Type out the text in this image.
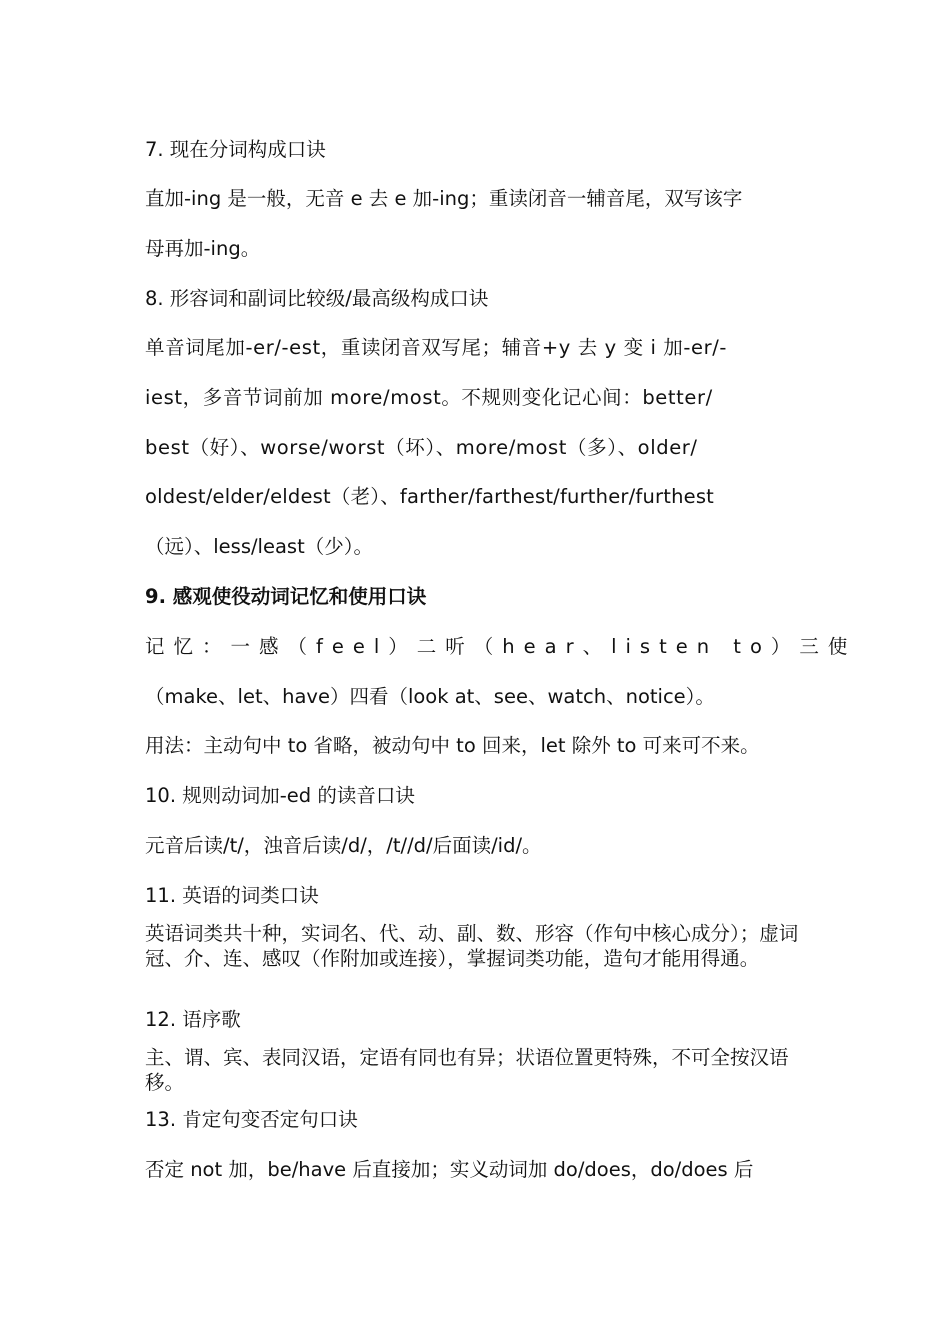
7. 现在分词构成口诀
直加-ing 是一般，无音 e 去 e 加-ing；重读闭音一辅音尾，双写该字
母再加-ing。
8. 形容词和副词比较级/最高级构成口诀
单音词尾加-er/-est，重读闭音双写尾；辅音+y 去 y 变 i 加-er/-
iest，多音节词前加 more/most。不规则变化记心间：better/
best（好）、worse/worst（坏）、more/most（多）、older/
oldest/elder/eldest（老）、farther/farthest/further/furthest
（远）、less/least（少）。
9. 感观使役动词记忆和使用口诀
记忆：一感（feel）二听（hear、listen to）三使
（make、let、have）四看（look at、see、watch、notice）。
用法：主动句中 to 省略，被动句中 to 回来，let 除外 to 可来可不来。
10. 规则动词加-ed 的读音口诀
元音后读/t/，浊音后读/d/，/t//d/后面读/id/。
11. 英语的词类口诀
英语词类共十种，实词名、代、动、副、数、形容（作句中核心成分）；虚词冠、介、连、感叹（作附加或连接），掌握词类功能，造句才能用得通。
12. 语序歌
主、谓、宾、表同汉语，定语有同也有异；状语位置更特殊，不可全按汉语移。
13. 肯定句变否定句口诀
否定 not 加，be/have 后直接加；实义动词加 do/does，do/does 后
